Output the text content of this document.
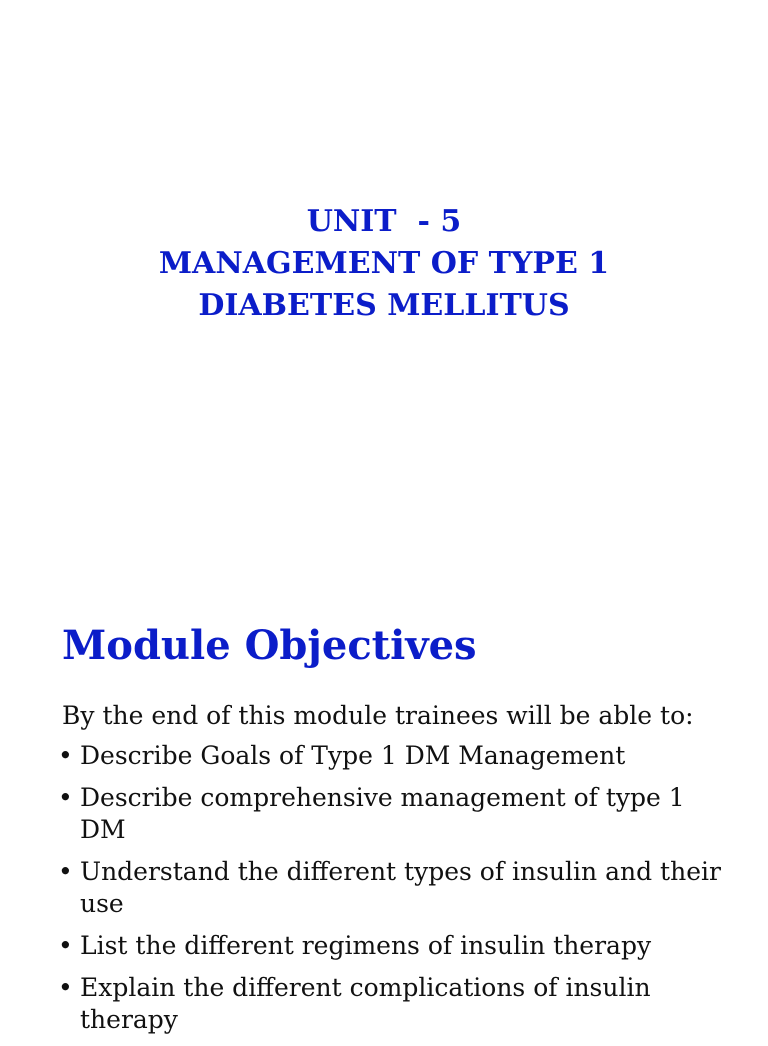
UNIT  - 5
MANAGEMENT OF TYPE 1
DIABETES MELLITUS
Module Objectives

By the end of this module trainees will be able to:

• Describe Goals of Type 1 DM Management
• Describe comprehensive management of type 1 DM
• Understand the different types of insulin and their use
• List the different regimens of insulin therapy
• Explain the different complications of insulin therapy
